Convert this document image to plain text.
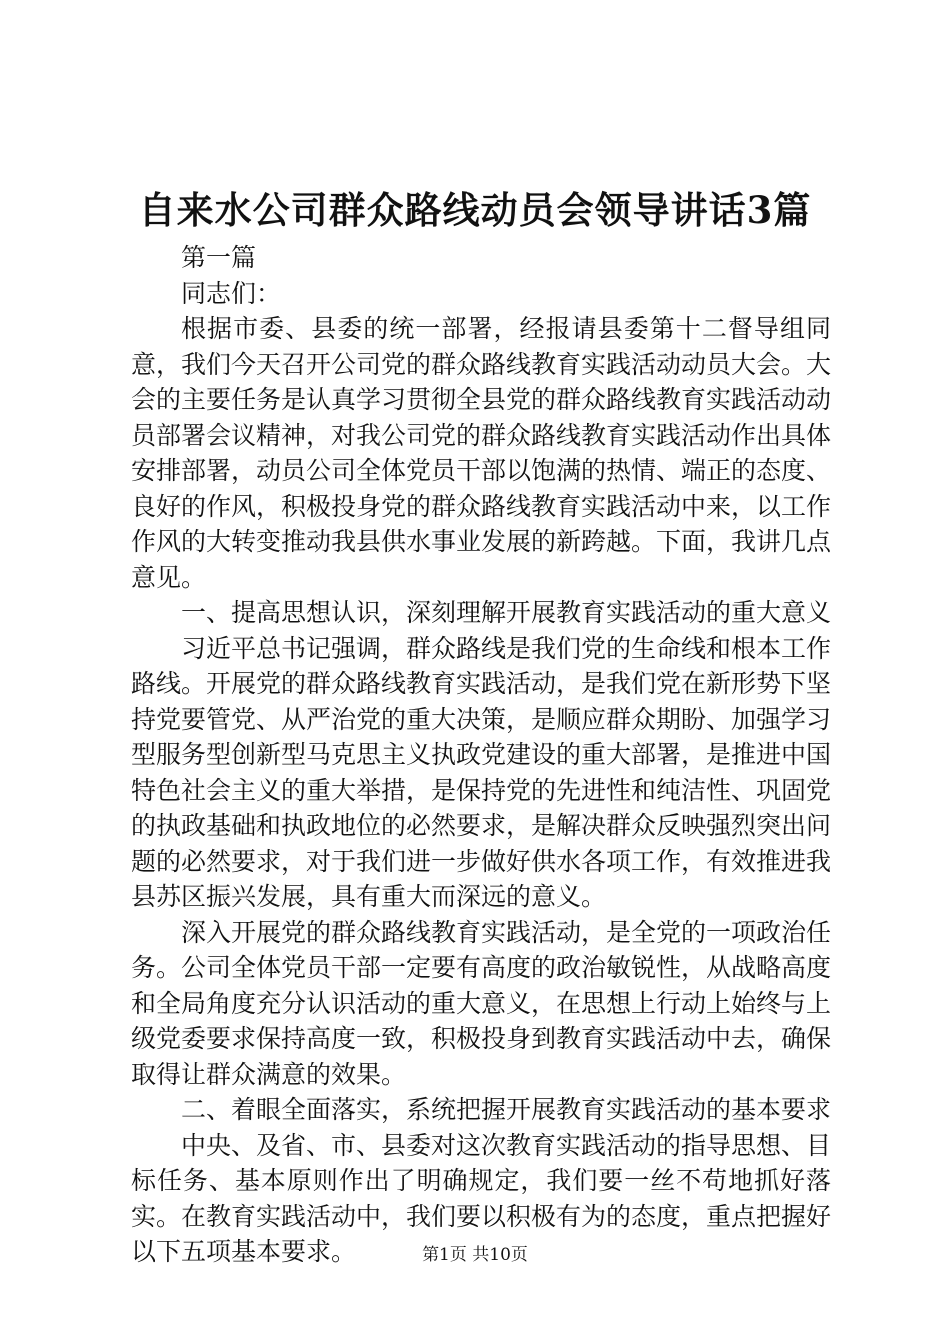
自来水公司群众路线动员会领导讲话3篇

第一篇

同志们：

根据市委、县委的统一部署，经报请县委第十二督导组同意，我们今天召开公司党的群众路线教育实践活动动员大会。大会的主要任务是认真学习贯彻全县党的群众路线教育实践活动动员部署会议精神，对我公司党的群众路线教育实践活动作出具体安排部署，动员公司全体党员干部以饱满的热情、端正的态度、良好的作风，积极投身党的群众路线教育实践活动中来，以工作作风的大转变推动我县供水事业发展的新跨越。下面，我讲几点意见。

一、提高思想认识，深刻理解开展教育实践活动的重大意义

习近平总书记强调，群众路线是我们党的生命线和根本工作路线。开展党的群众路线教育实践活动，是我们党在新形势下坚持党要管党、从严治党的重大决策，是顺应群众期盼、加强学习型服务型创新型马克思主义执政党建设的重大部署，是推进中国特色社会主义的重大举措，是保持党的先进性和纯洁性、巩固党的执政基础和执政地位的必然要求，是解决群众反映强烈突出问题的必然要求，对于我们进一步做好供水各项工作，有效推进我县苏区振兴发展，具有重大而深远的意义。

深入开展党的群众路线教育实践活动，是全党的一项政治任务。公司全体党员干部一定要有高度的政治敏锐性，从战略高度和全局角度充分认识活动的重大意义，在思想上行动上始终与上级党委要求保持高度一致，积极投身到教育实践活动中去，确保取得让群众满意的效果。

二、着眼全面落实，系统把握开展教育实践活动的基本要求

中央、及省、市、县委对这次教育实践活动的指导思想、目标任务、基本原则作出了明确规定，我们要一丝不苟地抓好落实。在教育实践活动中，我们要以积极有为的态度，重点把握好以下五项基本要求。	第1页 共10页
